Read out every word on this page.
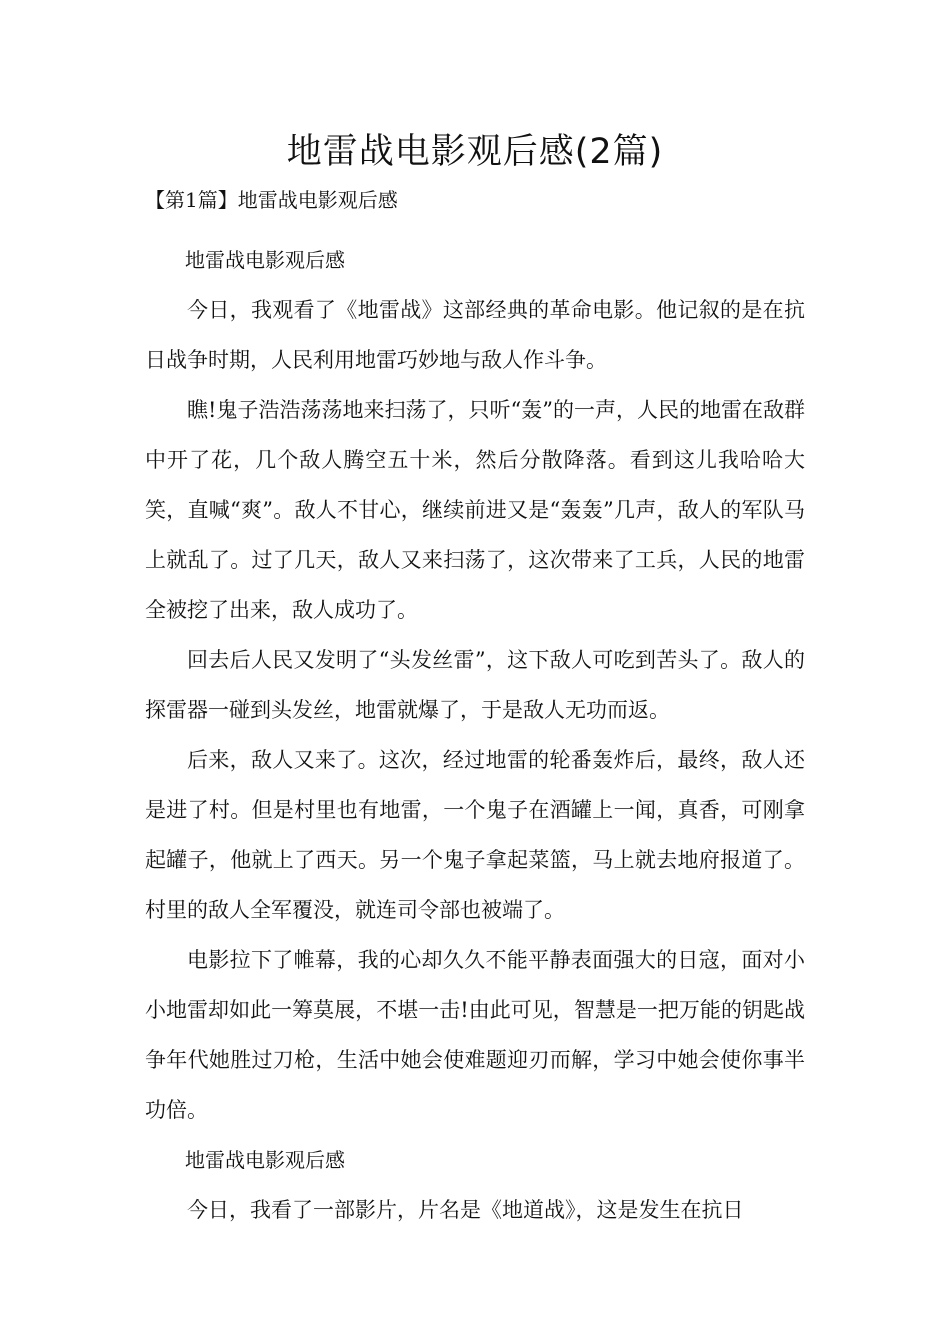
地雷战电影观后感(2篇)
【第1篇】地雷战电影观后感

地雷战电影观后感

今日，我观看了《地雷战》这部经典的革命电影。他记叙的是在抗日战争时期，人民利用地雷巧妙地与敌人作斗争。

瞧!鬼子浩浩荡荡地来扫荡了，只听“轰”的一声，人民的地雷在敌群中开了花，几个敌人腾空五十米，然后分散降落。看到这儿我哈哈大笑，直喊“爽”。敌人不甘心，继续前进又是“轰轰”几声，敌人的军队马上就乱了。过了几天，敌人又来扫荡了，这次带来了工兵，人民的地雷全被挖了出来，敌人成功了。

回去后人民又发明了“头发丝雷”，这下敌人可吃到苦头了。敌人的探雷器一碰到头发丝，地雷就爆了，于是敌人无功而返。

后来，敌人又来了。这次，经过地雷的轮番轰炸后，最终，敌人还是进了村。但是村里也有地雷，一个鬼子在酒罐上一闻，真香，可刚拿起罐子，他就上了西天。另一个鬼子拿起菜篮，马上就去地府报道了。村里的敌人全军覆没，就连司令部也被端了。

电影拉下了帷幕，我的心却久久不能平静表面强大的日寇，面对小小地雷却如此一筹莫展，不堪一击!由此可见，智慧是一把万能的钥匙战争年代她胜过刀枪，生活中她会使难题迎刃而解，学习中她会使你事半功倍。

地雷战电影观后感

今日，我看了一部影片，片名是《地道战》，这是发生在抗日
